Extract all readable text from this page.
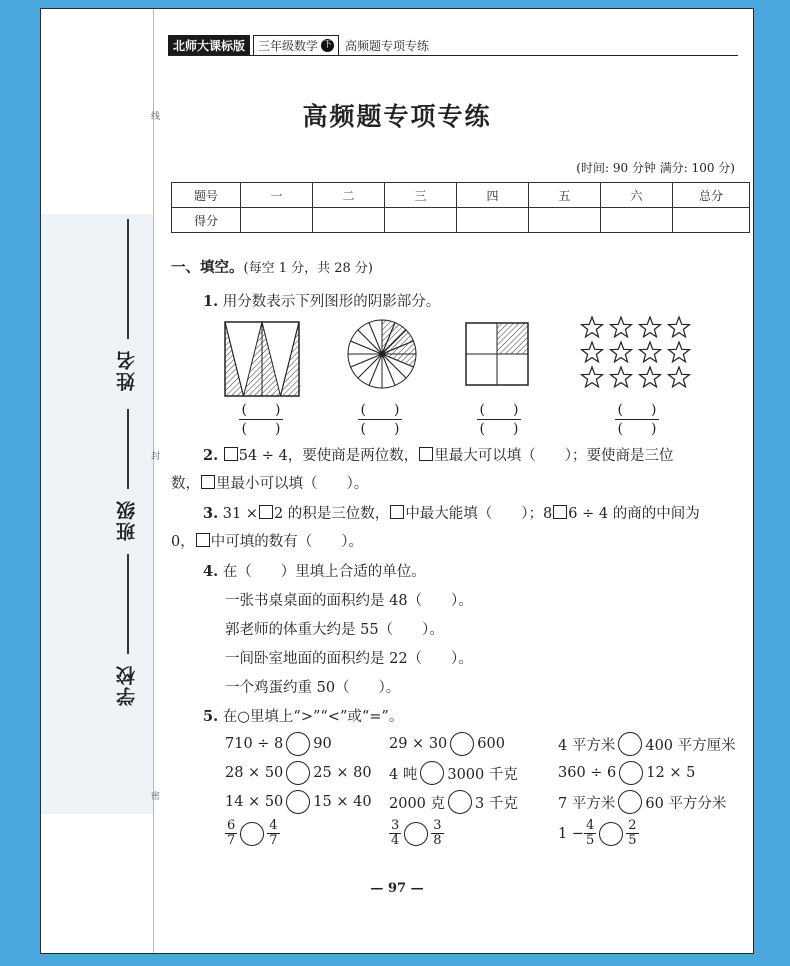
线
封
密
姓名
班级
学校
北师大课标版	三年级数学 下 高频题专项专练
高频题专项专练
(时间: 90 分钟 满分: 100 分)
题号	一	二	三	四	五	六	总分
得分							
一、填空。(每空 1 分，共 28 分)
1. 用分数表示下列图形的阴影部分。
(　　)
(　　)
(　　)
(　　)
(　　)
(　　)
(　　)
(　　)
2. 54 ÷ 4，要使商是两位数， 里最大可以填（　　）；要使商是三位
数， 里最小可以填（　　）。
3. 31 × 2 的积是三位数， 中最大能填（　　）；8 6 ÷ 4 的商的中间为
0， 中可填的数有（　　）。
4. 在（　　）里填上合适的单位。
一张书桌桌面的面积约是 48（　　）。
郭老师的体重大约是 55（　　）。
一间卧室地面的面积约是 22（　　）。
一个鸡蛋约重 50（　　）。
5. 在○里填上“>”“<”或“=”。
710 ÷ 8 90	29 × 30 600	4 平方米 400 平方厘米
28 × 50 25 × 80 4 吨 3000 千克	360 ÷ 6 12 × 5
14 × 50 15 × 40 2000 克 3 千克	7 平方米 60 平方分米
$\frac{6}{7} \frac{4}{7}$	$\frac{3}{4} \frac{3}{8}$	$1 - \frac{4}{5} \frac{2}{5}$
— 97 —
